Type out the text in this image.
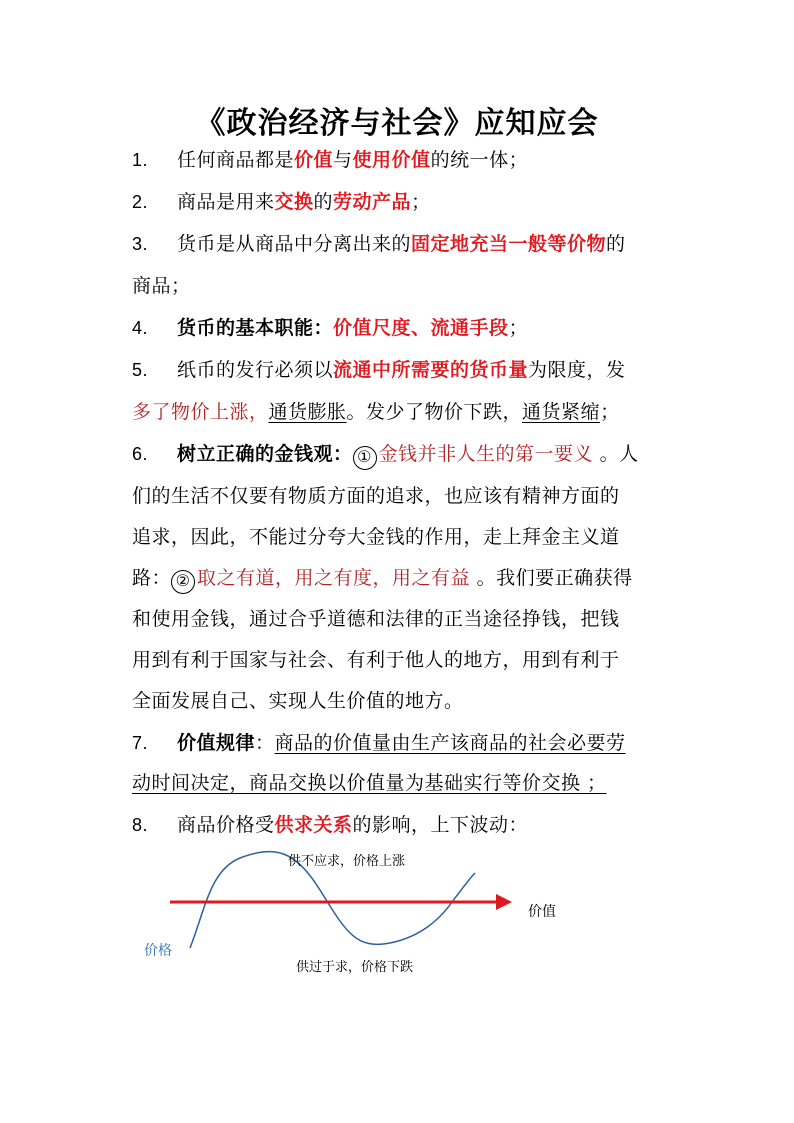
《政治经济与社会》应知应会
1. 任何商品都是价值与使用价值的统一体；
2. 商品是用来交换的劳动产品；
3. 货币是从商品中分离出来的固定地充当一般等价物的
商品；
4. 货币的基本职能：价值尺度、流通手段；
5. 纸币的发行必须以流通中所需要的货币量为限度，发
多了物价上涨，通货膨胀。发少了物价下跌，通货紧缩；
6. 树立正确的金钱观： ① 金钱并非人生的第一要义 。人
们的生活不仅要有物质方面的追求，也应该有精神方面的
追求，因此，不能过分夸大金钱的作用，走上拜金主义道
路： ② 取之有道，用之有度，用之有益 。我们要正确获得
和使用金钱，通过合乎道德和法律的正当途径挣钱，把钱
用到有利于国家与社会、有利于他人的地方，用到有利于
全面发展自己、实现人生价值的地方。
7. 价值规律：商品的价值量由生产该商品的社会必要劳
动时间决定，商品交换以价值量为基础实行等价交换 ；
8. 商品价格受供求关系的影响，上下波动：
供不应求，价格上涨
供过于求，价格下跌
价值
价格
